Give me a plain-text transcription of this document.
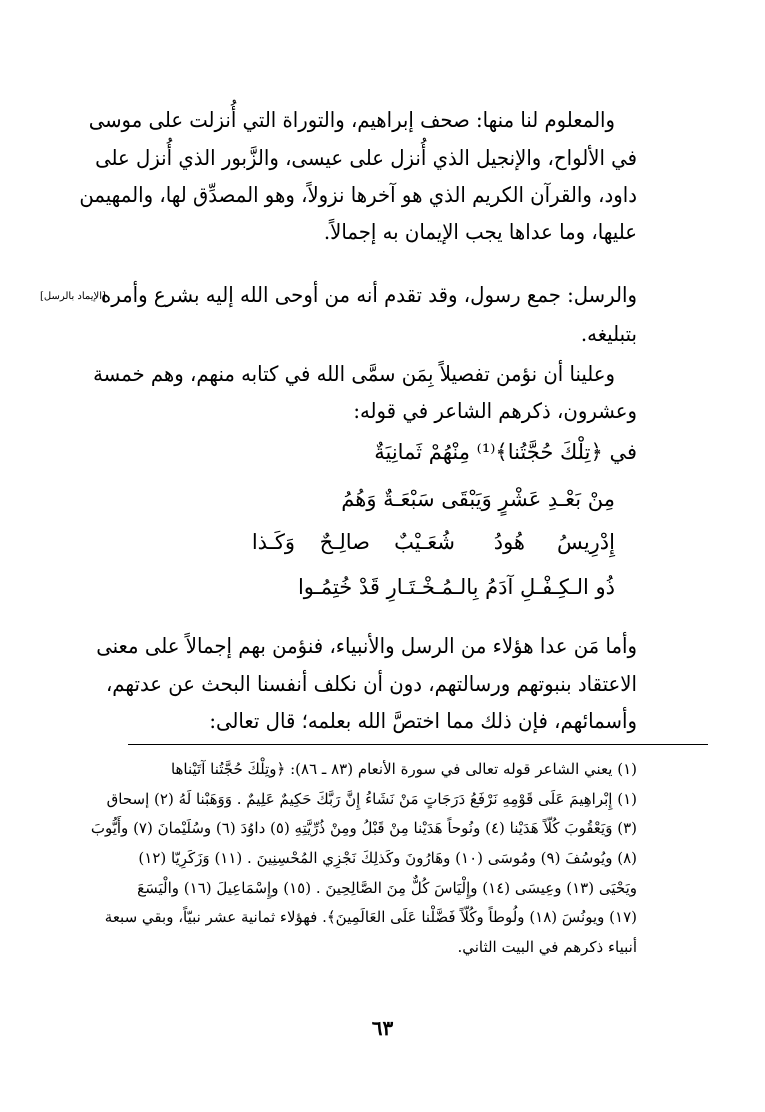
والمعلوم لنا منها: صحف إبراهيم، والتوراة التي أُنزلت على موسى
في الألواح، والإنجيل الذي أُنزل على عيسى، والزَّبور الذي أُنزل على
داود، والقرآن الكريم الذي هو آخرها نزولاً، وهو المصدِّق لها، والمهيمن
عليها، وما عداها يجب الإيمان به إجمالاً.
[الإيماد بالرسل]
والرسل: جمع رسول، وقد تقدم أنه من أوحى الله إليه بشرع وأمره
بتبليغه.
وعلينا أن نؤمن تفصيلاً بِمَن سمَّى الله في كتابه منهم، وهم خمسة
وعشرون، ذكرهم الشاعر في قوله:
في ﴿تِلْكَ حُجَّتُنا﴾⁽¹⁾ مِنْهُمْ ثَمانِيَةٌ
مِنْ بَعْـدِ عَشْرٍ وَيَبْقَى سَبْعَـةٌ وَهُمُ
إِدْرِيسُ
هُودُ
شُعَـيْبٌ
صالِـحٌ
وَكَـذا
ذُو الـكِـفْـلِ آدَمُ بِالـمُـخْـتَـارِ قَدْ خُتِمُـوا
وأما مَن عدا هؤلاء من الرسل والأنبياء، فنؤمن بهم إجمالاً على معنى
الاعتقاد بنبوتهم ورسالتهم، دون أن نكلف أنفسنا البحث عن عدتهم،
وأسمائهم، فإن ذلك مما اختصَّ الله بعلمه؛ قال تعالى:
(١) يعني الشاعر قوله تعالى في سورة الأنعام (٨٣ ـ ٨٦): ﴿وتِلْكَ حُجَّتُنا آتَيْناها
(١) إِبْراهِيمَ عَلَى قَوْمِهِ نَرْفَعُ دَرَجَاتٍ مَنْ نَشَاءُ إِنَّ رَبَّكَ حَكِيمٌ عَلِيمٌ . وَوَهَبْنا لَهُ (٢) إسحاق
(٣) وَيَعْقُوبَ كُلّاً هَدَيْنا (٤) ونُوحاً هَدَيْنا مِنْ قَبْلُ ومِنْ ذُرِّيَّتِهِ (٥) داوُدَ (٦) وسُلَيْمانَ (٧) وأَيُّوبَ
(٨) ويُوسُفَ (٩) ومُوسَى (١٠) وهَارُونَ وكَذلِكَ نَجْزِي المُحْسِنِينَ . (١١) وَزَكَرِيّا (١٢)
ويَحْيَى (١٣) وعِيسَى (١٤) وإِلْيَاسَ كُلٌّ مِنَ الصَّالِحِينَ . (١٥) وإِسْمَاعِيلَ (١٦) والْيَسَعَ
(١٧) ويونُسَ (١٨) ولُوطاً وكُلّاً فَضَّلْنا عَلَى العَالَمِينَ﴾. فهؤلاء ثمانية عشر نبيّاً، وبقي سبعة
أنبياء ذكرهم في البيت الثاني.
٦٣
